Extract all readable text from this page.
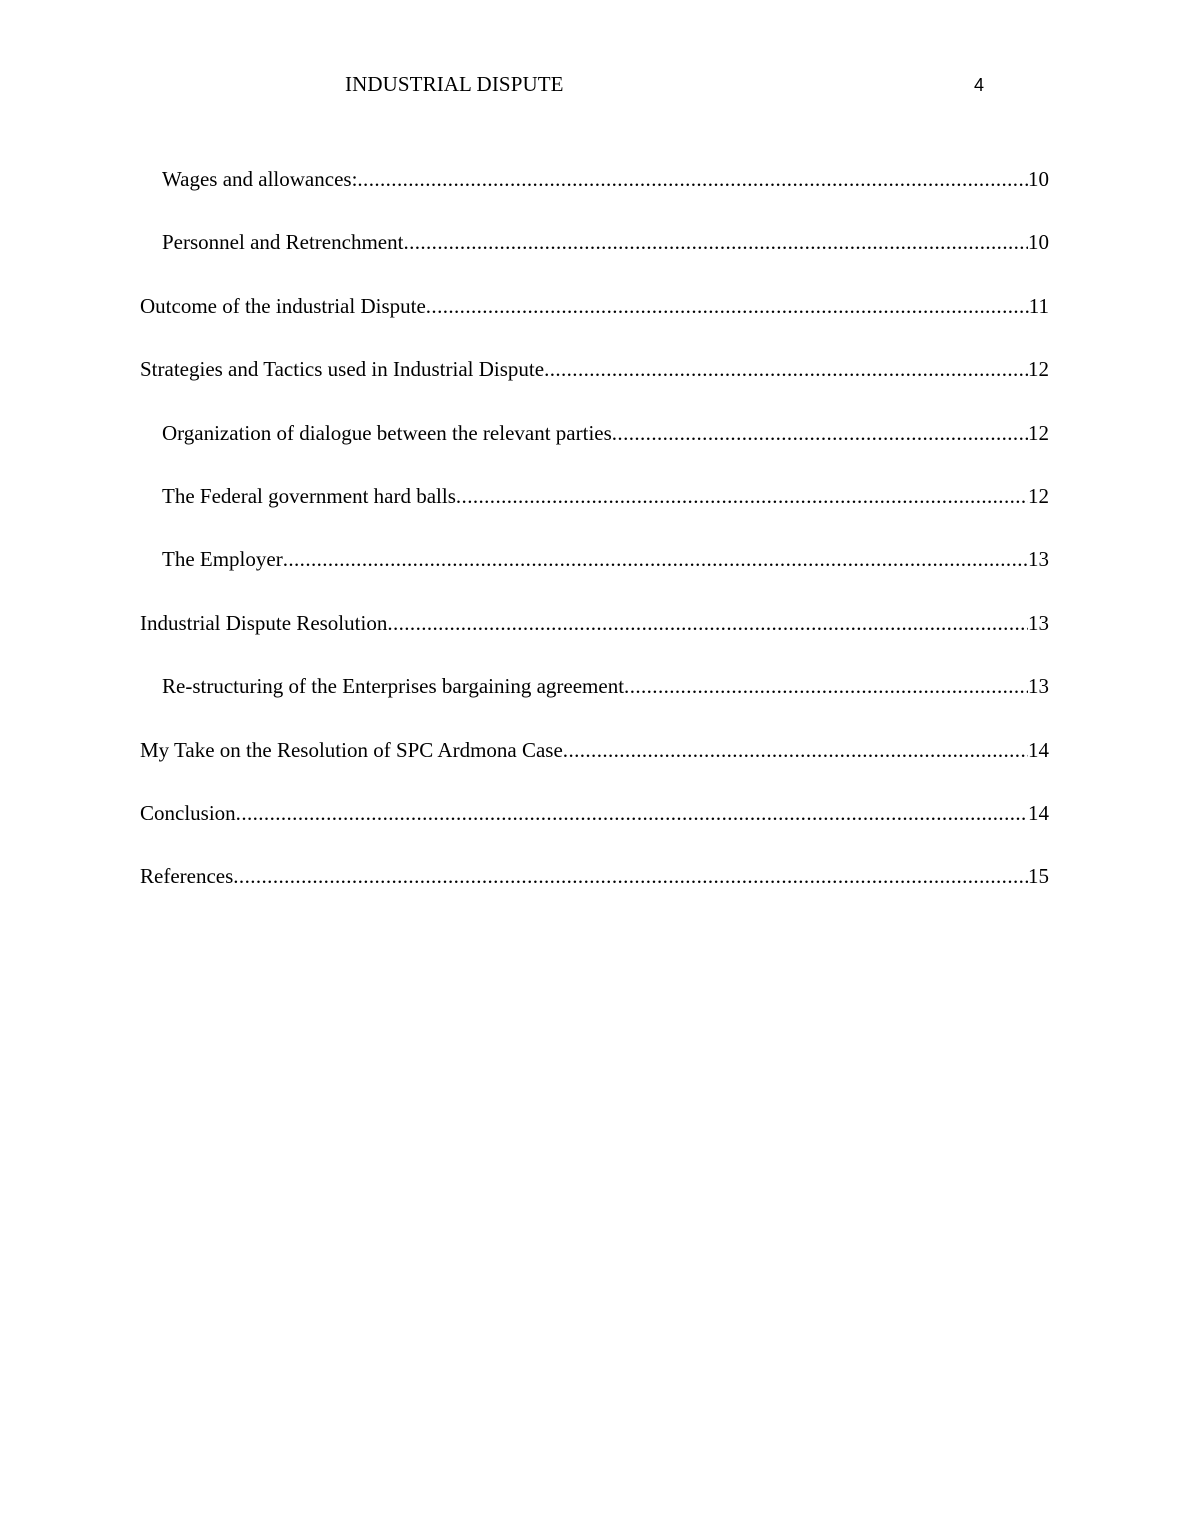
INDUSTRIAL DISPUTE	4
Wages and allowances: .....	10
Personnel and Retrenchment .....	10
Outcome of the industrial Dispute .....	11
Strategies and Tactics used in Industrial Dispute .....	12
Organization of dialogue between the relevant parties .....	12
The Federal government hard balls .....	12
The Employer .....	13
Industrial Dispute Resolution .....	13
Re-structuring of the Enterprises bargaining agreement .....	13
My Take on the Resolution of SPC Ardmona Case .....	14
Conclusion .....	14
References .....	15
